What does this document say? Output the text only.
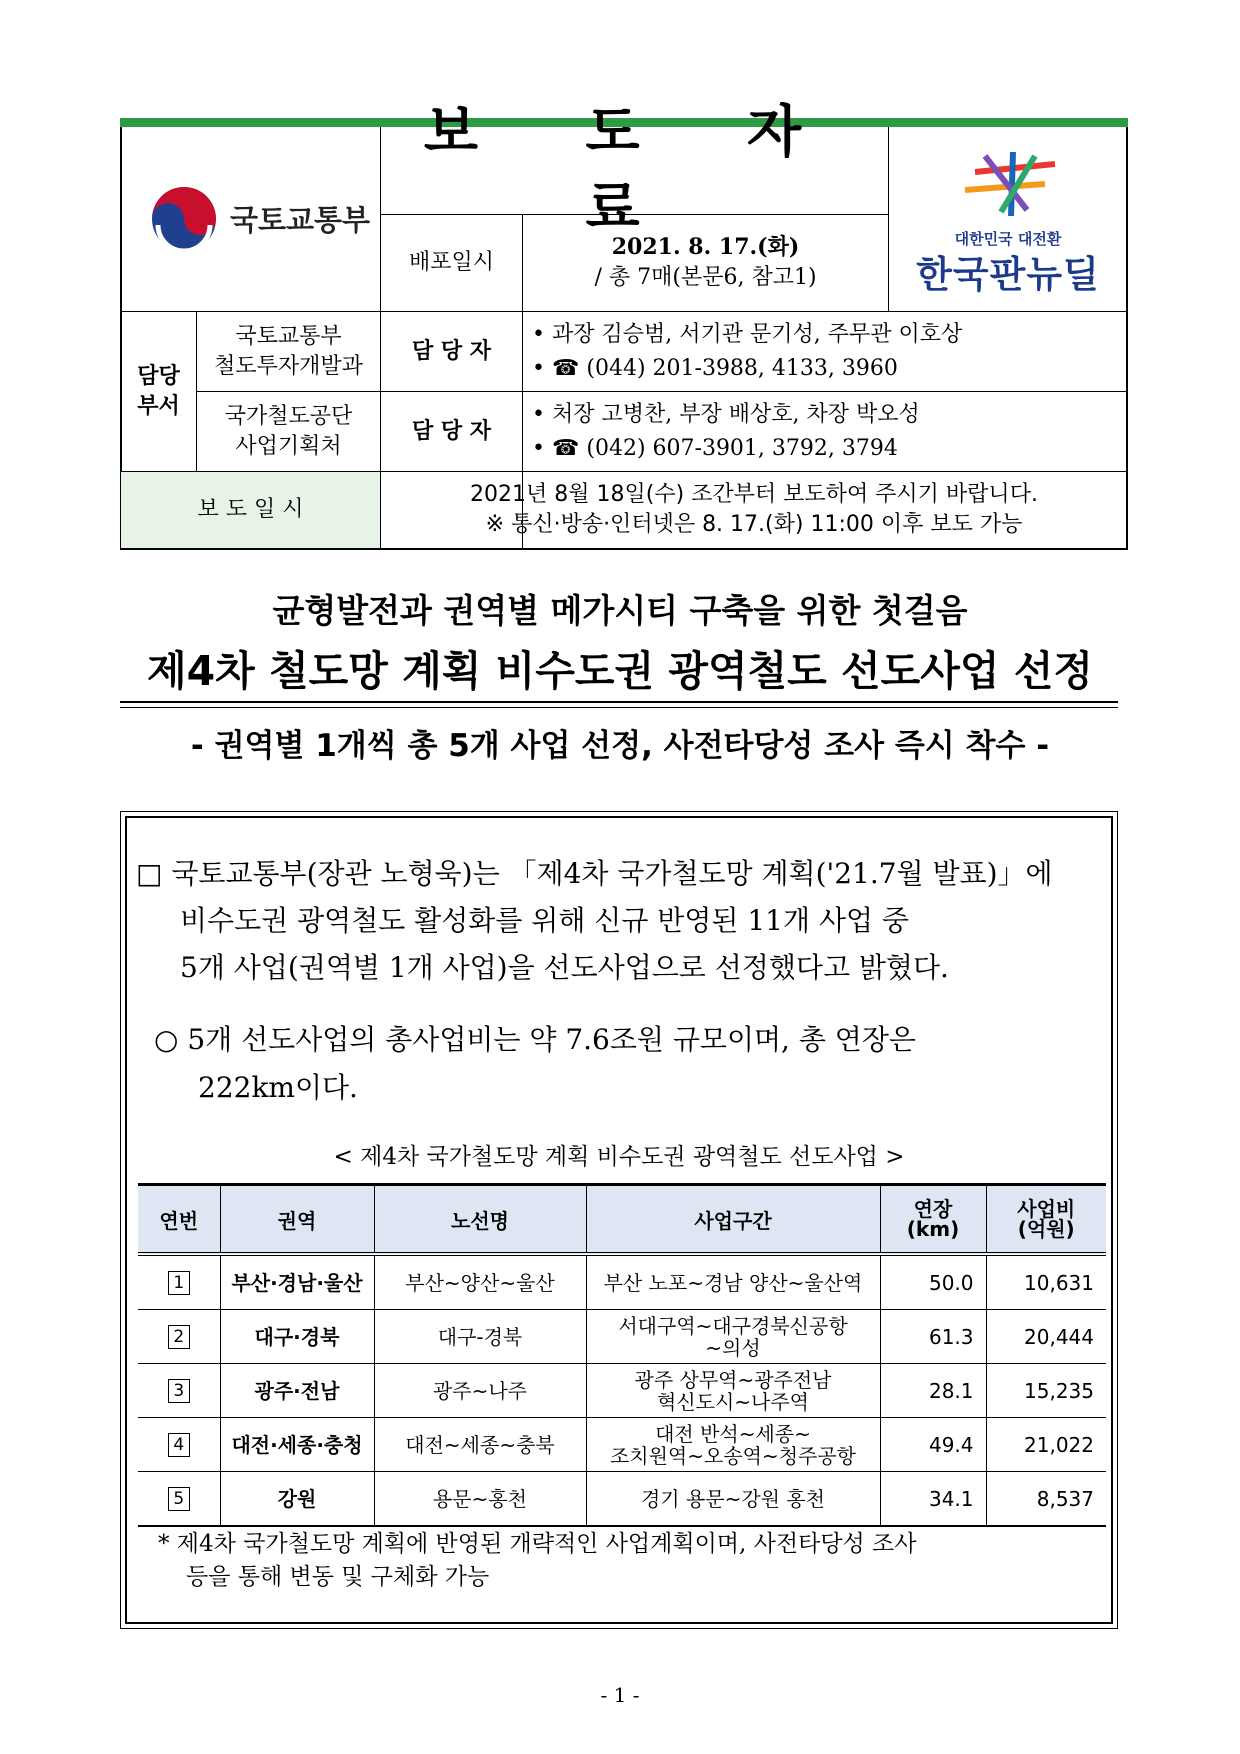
국토교통부
보 도 자 료
배포일시
2021. 8. 17.(화)
/ 총 7매(본문6, 참고1)
대한민국 대전환
한국판뉴딜
담당 부서
국토교통부
철도투자개발과
담 당 자
• 과장 김승범, 서기관 문기성, 주무관 이호상
• ☎ (044) 201-3988, 4133, 3960
국가철도공단
사업기획처
담 당 자
• 처장 고병찬, 부장 배상호, 차장 박오성
• ☎ (042) 607-3901, 3792, 3794
보 도 일 시
2021년 8월 18일(수) 조간부터 보도하여 주시기 바랍니다.
※ 통신·방송·인터넷은 8. 17.(화) 11:00 이후 보도 가능
균형발전과 권역별 메가시티 구축을 위한 첫걸음
제4차 철도망 계획 비수도권 광역철도 선도사업 선정
- 권역별 1개씩 총 5개 사업 선정, 사전타당성 조사 즉시 착수 -
□ 국토교통부(장관 노형욱)는 「제4차 국가철도망 계획('21.7월 발표)」에
비수도권 광역철도 활성화를 위해 신규 반영된 11개 사업 중
5개 사업(권역별 1개 사업)을 선도사업으로 선정했다고 밝혔다.
○ 5개 선도사업의 총사업비는 약 7.6조원 규모이며, 총 연장은
222km이다.
< 제4차 국가철도망 계획 비수도권 광역철도 선도사업 >
연번	권역	노선명	사업구간	연장
(km)	사업비
(억원)
1	부산·경남·울산	부산~양산~울산	부산 노포~경남 양산~울산역	50.0	10,631
2	대구·경북	대구-경북	서대구역~대구경북신공항
~의성	61.3	20,444
3	광주·전남	광주~나주	광주 상무역~광주전남
혁신도시~나주역	28.1	15,235
4	대전·세종·충청	대전~세종~충북	대전 반석~세종~
조치원역~오송역~청주공항	49.4	21,022
5	강원	용문~홍천	경기 용문~강원 홍천	34.1	8,537
* 제4차 국가철도망 계획에 반영된 개략적인 사업계획이며, 사전타당성 조사
등을 통해 변동 및 구체화 가능
- 1 -
